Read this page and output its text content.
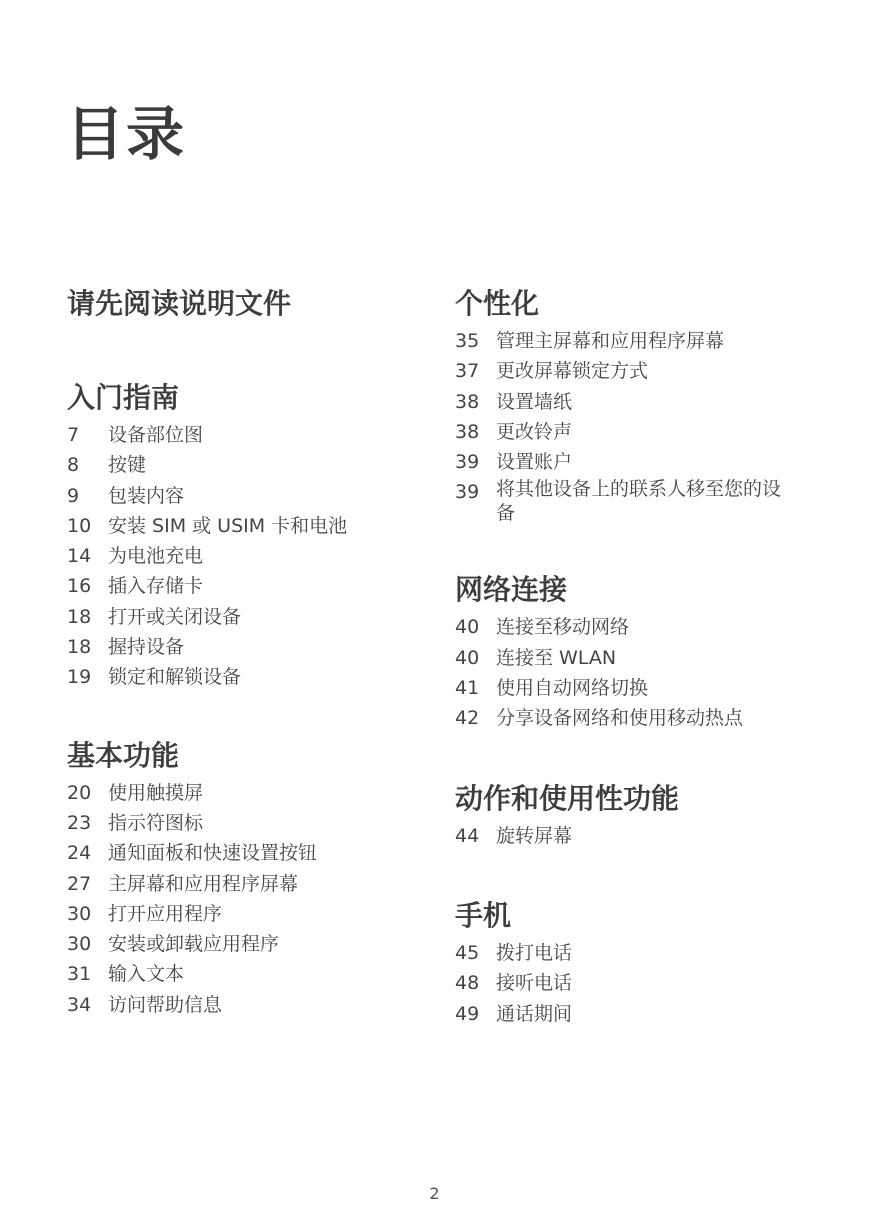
目录
请先阅读说明文件
入门指南
7	设备部位图
8	按键
9	包装内容
10 安装 SIM 或 USIM 卡和电池
14 为电池充电
16 插入存储卡
18 打开或关闭设备
18 握持设备
19 锁定和解锁设备
基本功能
20 使用触摸屏
23 指示符图标
24 通知面板和快速设置按钮
27 主屏幕和应用程序屏幕
30 打开应用程序
30 安装或卸载应用程序
31 输入文本
34 访问帮助信息
个性化
35 管理主屏幕和应用程序屏幕
37 更改屏幕锁定方式
38 设置墙纸
38 更改铃声
39 设置账户
39 将其他设备上的联系人移至您的设备
网络连接
40 连接至移动网络
40 连接至 WLAN
41 使用自动网络切换
42 分享设备网络和使用移动热点
动作和使用性功能
44 旋转屏幕
手机
45 拨打电话
48 接听电话
49 通话期间
2
